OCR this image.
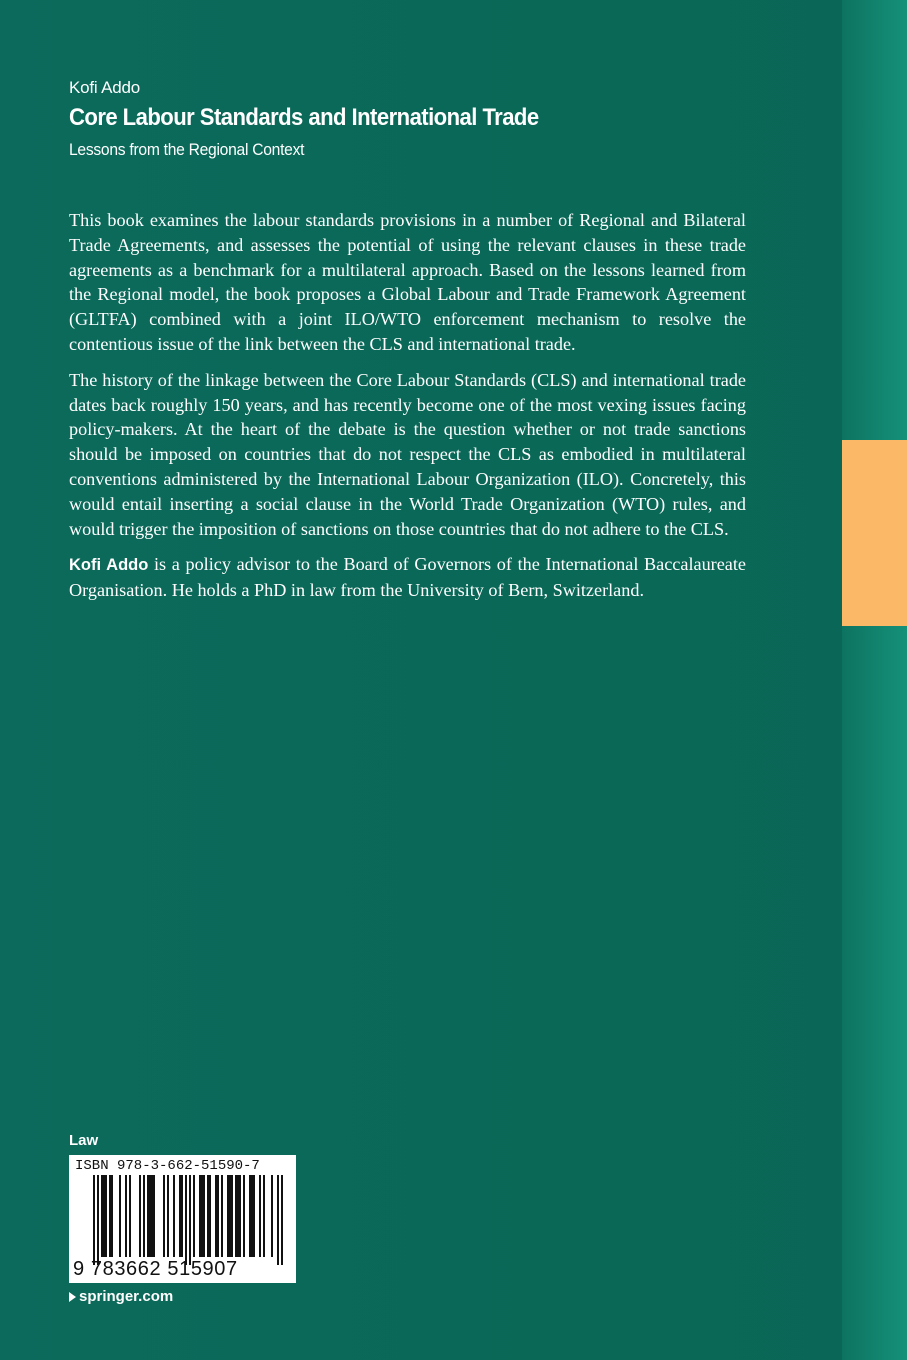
Kofi Addo
Core Labour Standards and International Trade
Lessons from the Regional Context

This book examines the labour standards provisions in a number of Regional and Bilateral Trade Agreements, and assesses the potential of using the relevant clauses in these trade agreements as a benchmark for a multilateral approach. Based on the lessons learned from the Regional model, the book proposes a Global Labour and Trade Framework Agreement (GLTFA) combined with a joint ILO/WTO enforcement mechanism to resolve the contentious issue of the link between the CLS and international trade.

The history of the linkage between the Core Labour Standards (CLS) and international trade dates back roughly 150 years, and has recently become one of the most vexing issues facing policy-makers. At the heart of the debate is the question whether or not trade sanctions should be imposed on countries that do not respect the CLS as embodied in multilateral conventions administered by the International Labour Organization (ILO). Concretely, this would entail inserting a social clause in the World Trade Organization (WTO) rules, and would trigger the imposition of sanctions on those countries that do not adhere to the CLS.

Kofi Addo is a policy advisor to the Board of Governors of the International Baccalaureate Organisation. He holds a PhD in law from the University of Bern, Switzerland.

Law
ISBN 978-3-662-51590-7
9 783662 515907
springer.com
